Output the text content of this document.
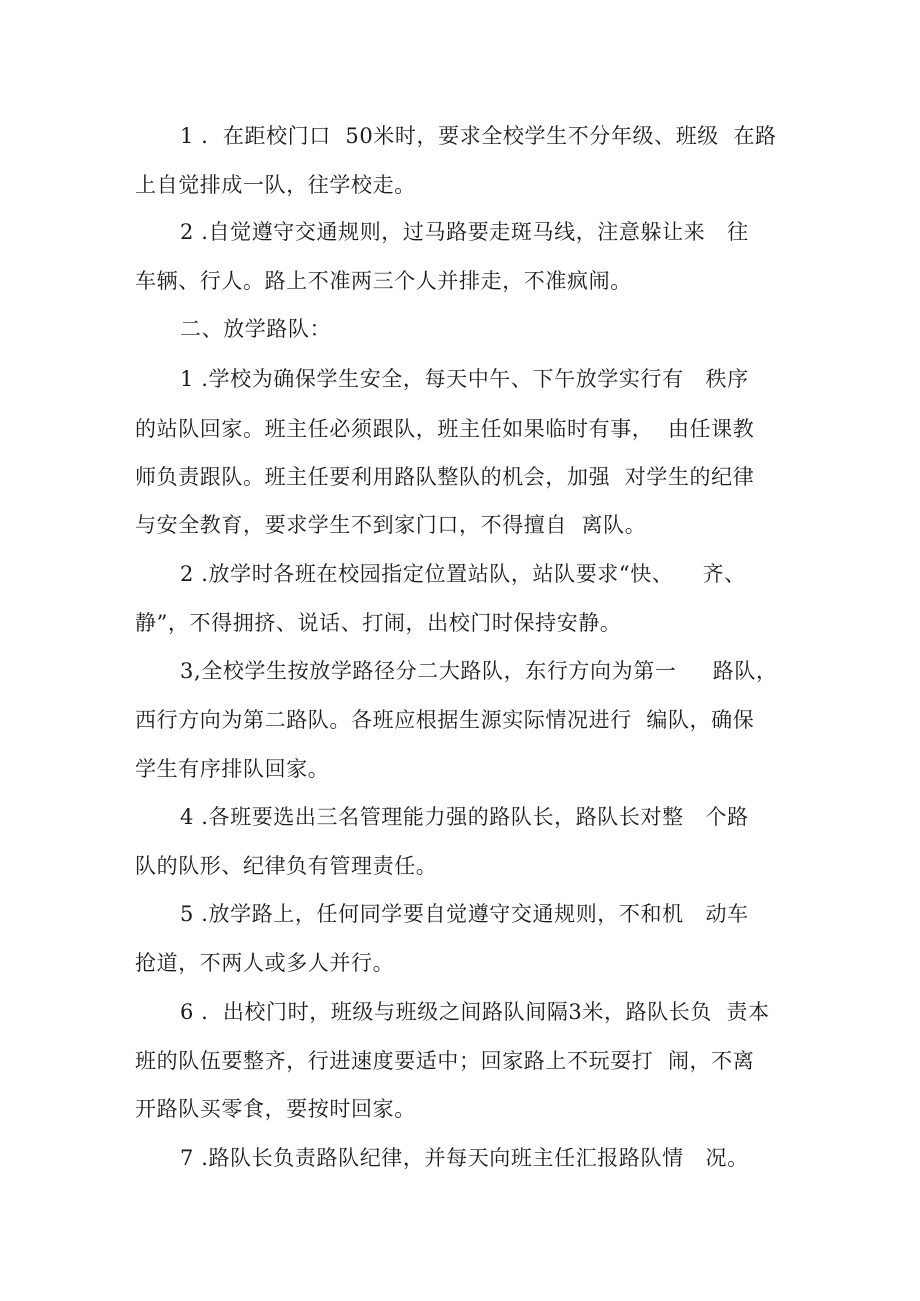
1 ．在距校门口  50米时，要求全校学生不分年级、班级  在路
上自觉排成一队，往学校走。
2 .自觉遵守交通规则，过马路要走斑马线，注意躲让来   往
车辆、行人。路上不准两三个人并排走，不准疯闹。
二、放学路队：
1 .学校为确保学生安全，每天中午、下午放学实行有   秩序
的站队回家。班主任必须跟队，班主任如果临时有事，  由任课教
师负责跟队。班主任要利用路队整队的机会，加强  对学生的纪律
与安全教育，要求学生不到家门口，不得擅自  离队。
2 .放学时各班在校园指定位置站队，站队要求“快、    齐、
静”，不得拥挤、说话、打闹，出校门时保持安静。
3,全校学生按放学路径分二大路队，东行方向为第一     路队，
西行方向为第二路队。各班应根据生源实际情况进行  编队，确保
学生有序排队回家。
4 .各班要选出三名管理能力强的路队长，路队长对整   个路
队的队形、纪律负有管理责任。
5 .放学路上，任何同学要自觉遵守交通规则，不和机   动车
抢道，不两人或多人并行。
6 ．出校门时，班级与班级之间路队间隔3米，路队长负  责本
班的队伍要整齐，行进速度要适中；回家路上不玩耍打  闹，不离
开路队买零食，要按时回家。
7 .路队长负责路队纪律，并每天向班主任汇报路队情   况。
